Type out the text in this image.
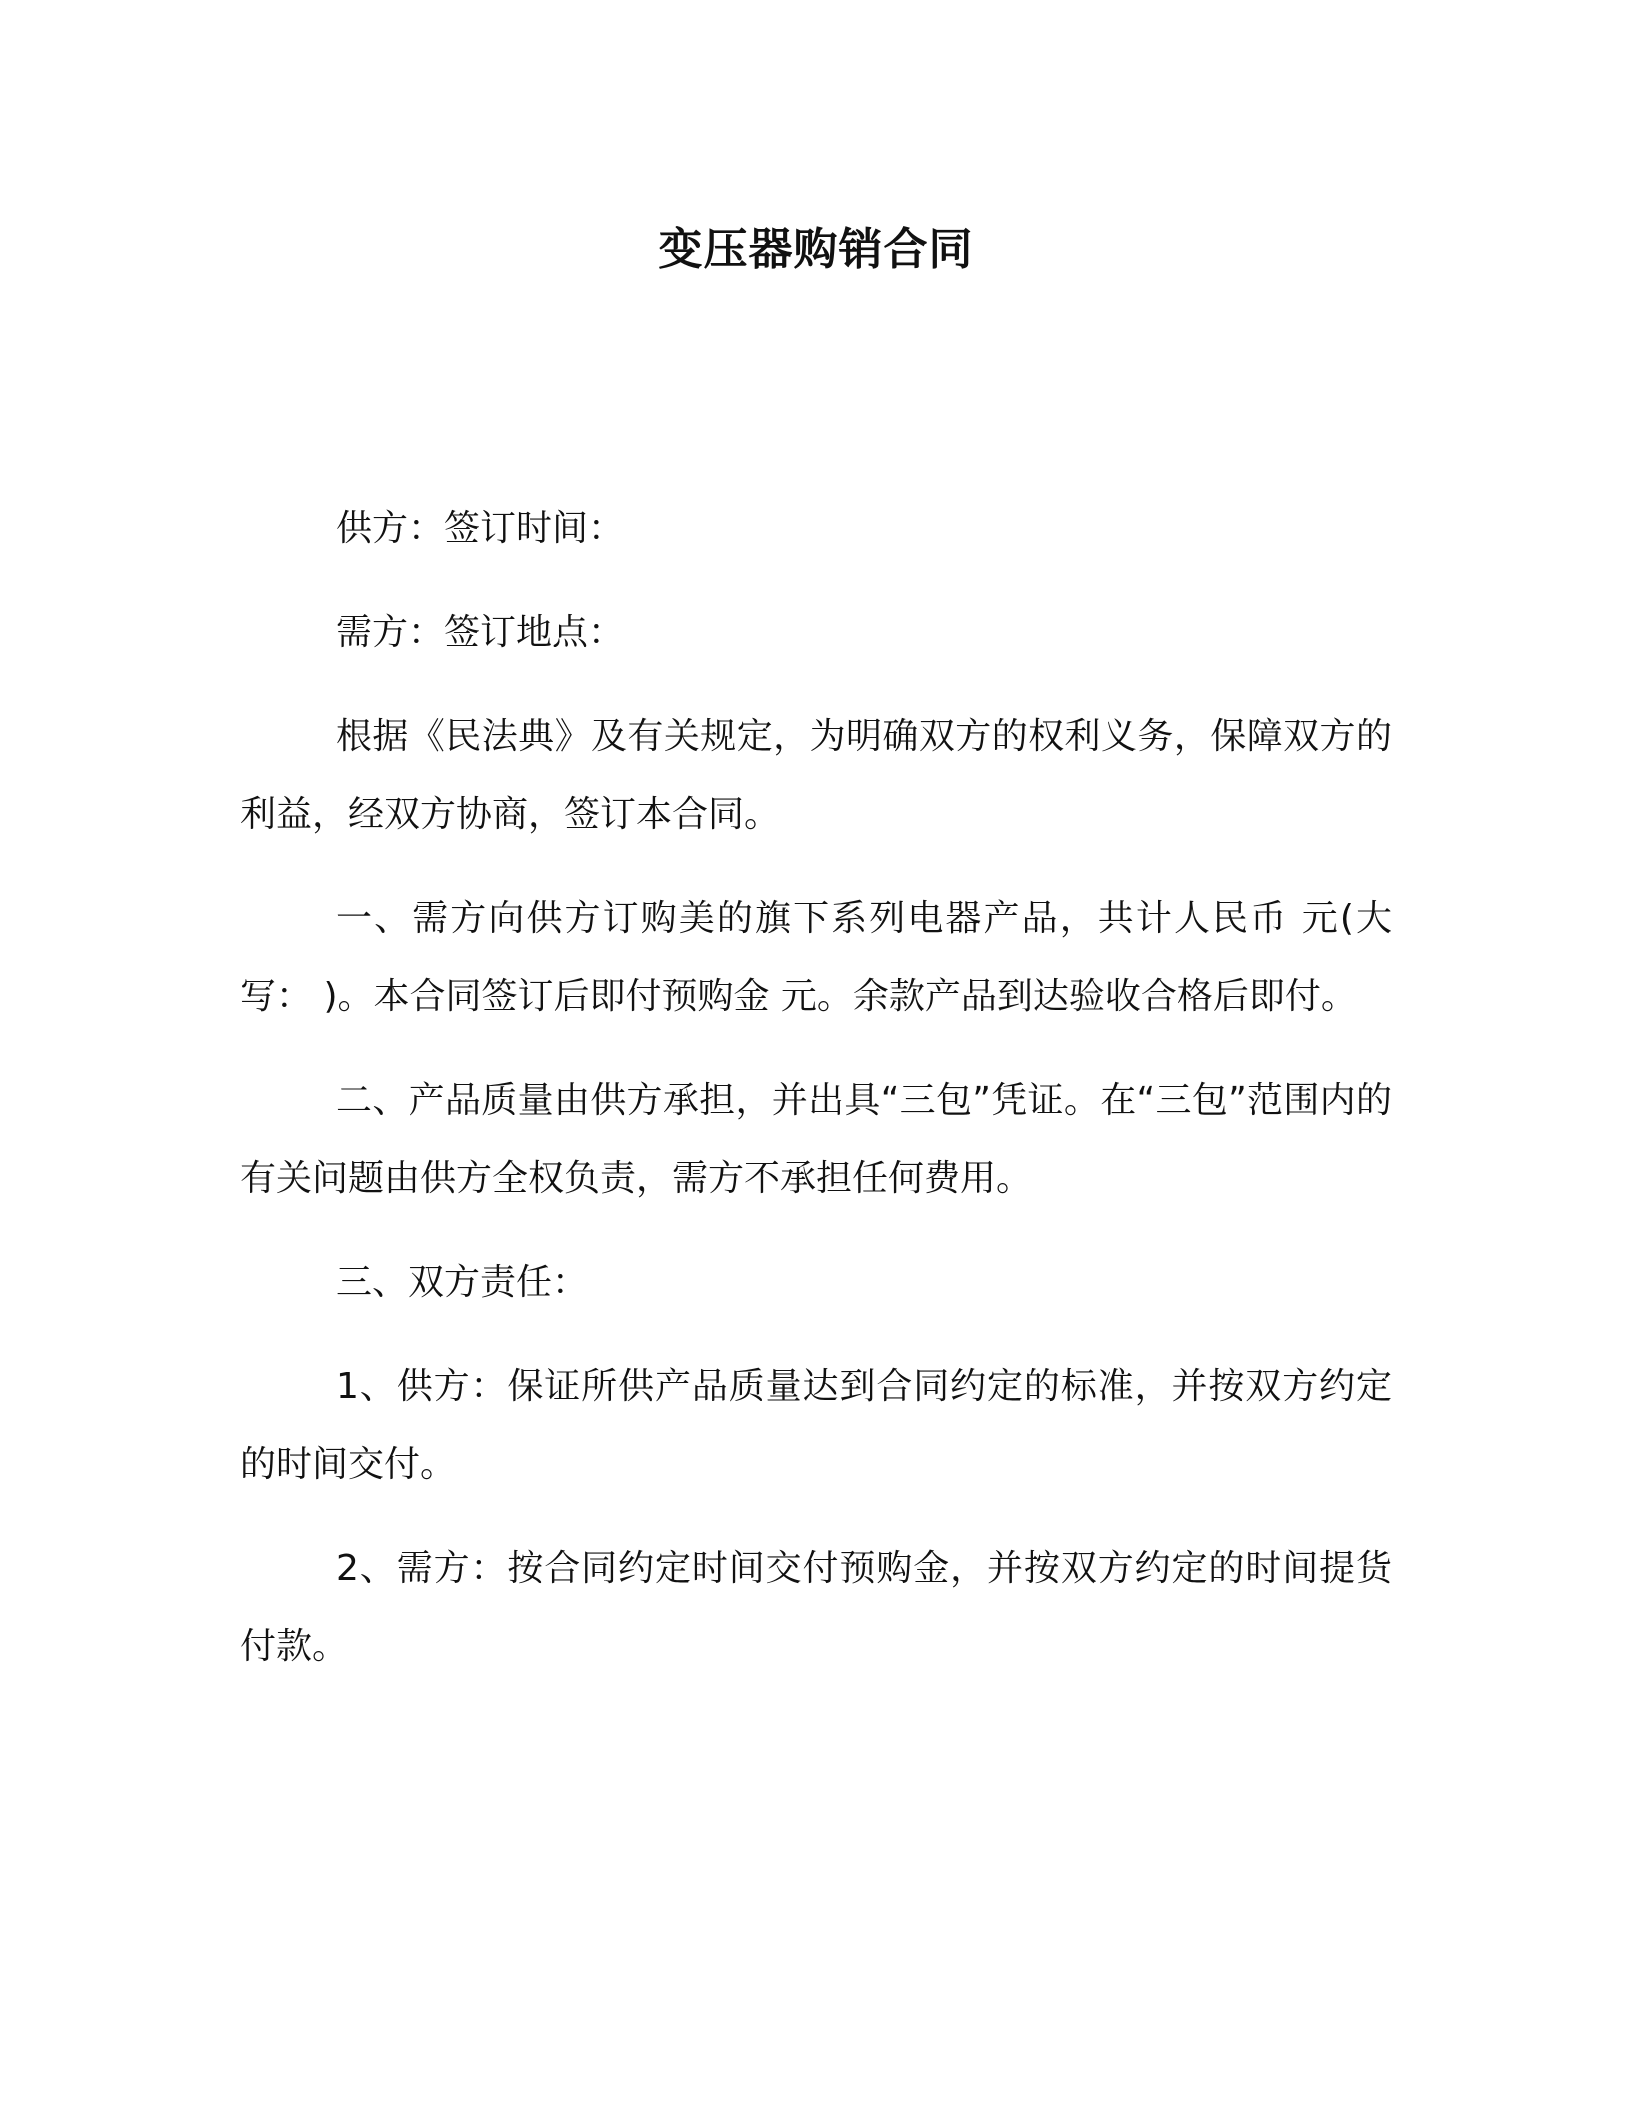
变压器购销合同

供方：签订时间：

需方：签订地点：

根据《民法典》及有关规定，为明确双方的权利义务，保障双方的利益，经双方协商，签订本合同。

一、需方向供方订购美的旗下系列电器产品，共计人民币 元(大写： )。本合同签订后即付预购金 元。余款产品到达验收合格后即付。

二、产品质量由供方承担，并出具“三包”凭证。在“三包”范围内的有关问题由供方全权负责，需方不承担任何费用。

三、双方责任：

1、供方：保证所供产品质量达到合同约定的标准，并按双方约定的时间交付。

2、需方：按合同约定时间交付预购金，并按双方约定的时间提货付款。
